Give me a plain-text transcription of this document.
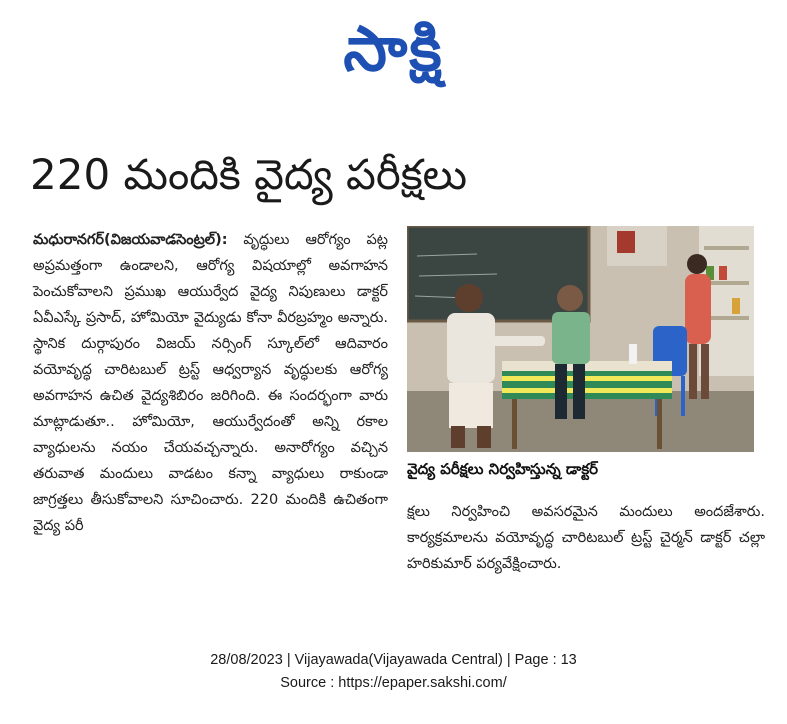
సాక్షి
220 మందికి వైద్య పరీక్షలు
మధురానగర్(విజయవాడసెంట్రల్): వృద్ధులు ఆరోగ్యం పట్ల అప్రమత్తంగా ఉండాలని, ఆరోగ్య విషయాల్లో అవగాహన పెంచుకోవాలని ప్రముఖ ఆయుర్వేద వైద్య నిపుణులు డాక్టర్ ఏవీఎస్కే ప్రసాద్, హోమియో వైద్యుడు కోనా వీరబ్రహ్మం అన్నారు. స్థానిక దుర్గాపురం విజయ్ నర్సింగ్ స్కూల్‌లో ఆదివారం వయోవృద్ధ చారిటబుల్ ట్రస్ట్ ఆధ్వర్యాన వృద్ధులకు ఆరోగ్య అవగాహన ఉచిత వైద్యశిబిరం జరిగింది. ఈ సందర్భంగా వారు మాట్లాడుతూ.. హోమియో, ఆయుర్వేదంతో అన్ని రకాల వ్యాధులను నయం చేయవచ్చన్నారు. అనారోగ్యం వచ్చిన తరువాత మందులు వాడటం కన్నా వ్యాధులు రాకుండా జాగ్రత్తలు తీసుకోవాలని సూచించారు. 220 మందికి ఉచితంగా వైద్య పరీ
వైద్య పరీక్షలు నిర్వహిస్తున్న డాక్టర్
క్షలు నిర్వహించి అవసరమైన మందులు అందజేశారు. కార్యక్రమాలను వయోవృద్ధ చారిటబుల్ ట్రస్ట్ చైర్మన్ డాక్టర్ చల్లా హరికుమార్ పర్యవేక్షించారు.
28/08/2023 | Vijayawada(Vijayawada Central) | Page : 13
Source : https://epaper.sakshi.com/
